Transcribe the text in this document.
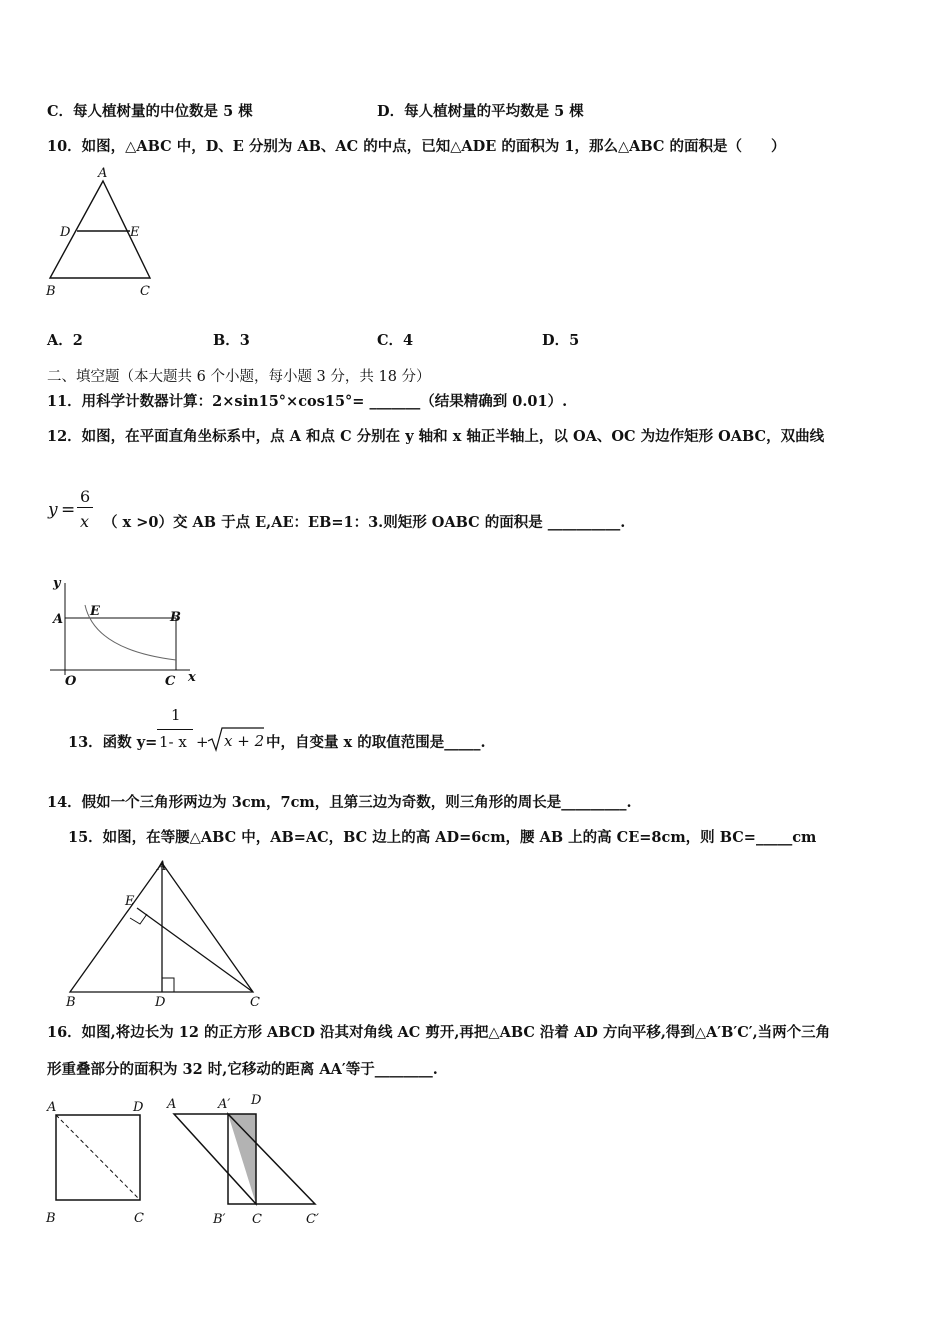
C．每人植树量的中位数是 5 棵	D．每人植树量的平均数是 5 棵
10．如图，△ABC 中，D、E 分别为 AB、AC 的中点，已知△ADE 的面积为 1，那么△ABC 的面积是（　　）
A
B	C
D	E
A．2	B．3	C．4	D．5
二、填空题（本大题共 6 个小题，每小题 3 分，共 18 分）
11．用科学计数器计算：2×sin15°×cos15°= _______（结果精确到 0.01）.
12．如图，在平面直角坐标系中，点 A 和点 C 分别在 y 轴和 x 轴正半轴上，以 OA、OC 为边作矩形 OABC，双曲线
y =
6
x （ x >0）交 AB 于点 E,AE：EB=1：3.则矩形 OABC 的面积是 __________.
y
x
A	B
E
O	C
13．函数 y=
1
1- x + x + 2 中，自变量 x 的取值范围是_____.
14．假如一个三角形两边为 3cm，7cm，且第三边为奇数，则三角形的周长是_________.
15．如图，在等腰△ABC 中，AB=AC，BC 边上的高 AD=6cm，腰 AB 上的高 CE=8cm，则 BC=_____cm
A
B	D	C
E
16．如图,将边长为 12 的正方形 ABCD 沿其对角线 AC 剪开,再把△ABC 沿着 AD 方向平移,得到△A′B′C′,当两个三角
形重叠部分的面积为 32 时,它移动的距离 AA′等于________.
A	D
B	C
A	A′ D
B′ C	C′
